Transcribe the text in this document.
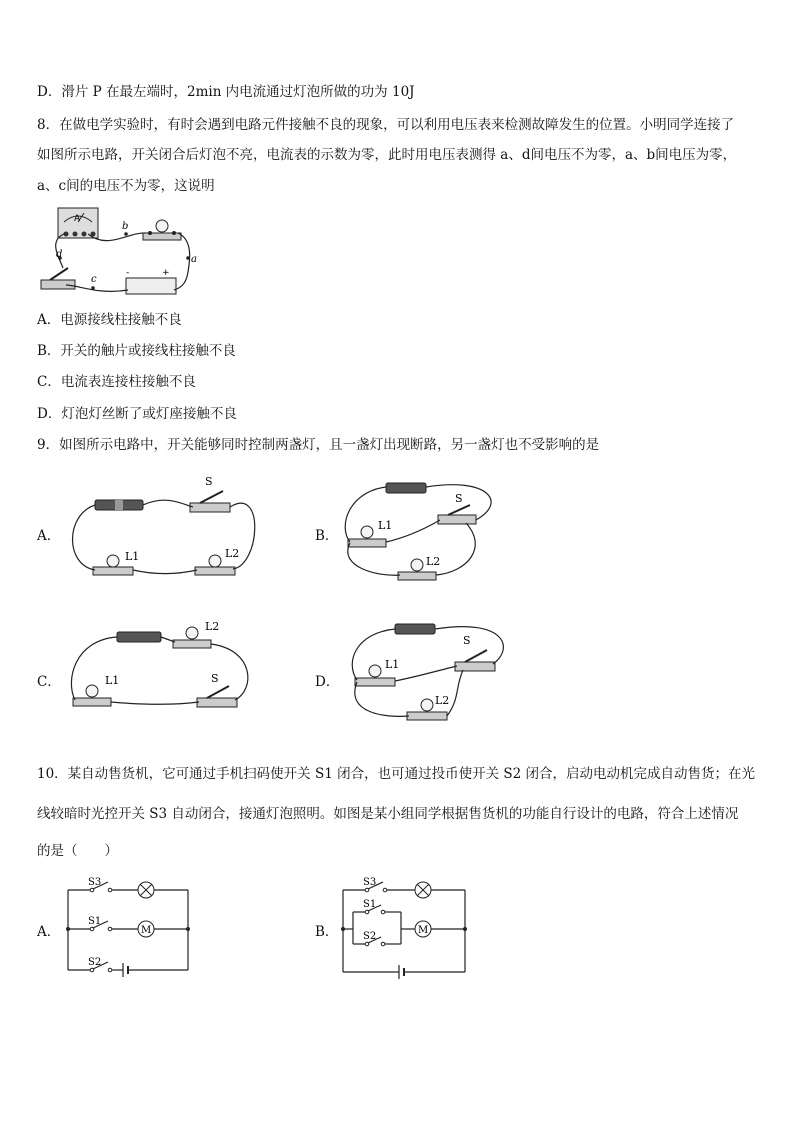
D．滑片 P 在最左端时，2min 内电流通过灯泡所做的功为 10J
8．在做电学实验时，有时会遇到电路元件接触不良的现象，可以利用电压表来检测故障发生的位置。小明同学连接了
如图所示电路，开关闭合后灯泡不亮，电流表的示数为零，此时用电压表测得 a、d间电压不为零，a、b间电压为零，
a、c间的电压不为零，这说明
A
-	+
b
a
c
d
A．电源接线柱接触不良
B．开关的触片或接线柱接触不良
C．电流表连接柱接触不良
D．灯泡灯丝断了或灯座接触不良
9．如图所示电路中，开关能够同时控制两盏灯，且一盏灯出现断路，另一盏灯也不受影响的是
A．
S
L1	L2
B．
S
L1
L2
C．
L2
L1	S	D．
S
L1
L2
10．某自动售货机，它可通过手机扫码使开关 S1 闭合，也可通过投币使开关 S2 闭合，启动电动机完成自动售货；在光
线较暗时光控开关 S3 自动闭合，接通灯泡照明。如图是某小组同学根据售货机的功能自行设计的电路，符合上述情况
的是（　　）
A．	M
S3
S1
S2
B．	M
S3
S1
S2
